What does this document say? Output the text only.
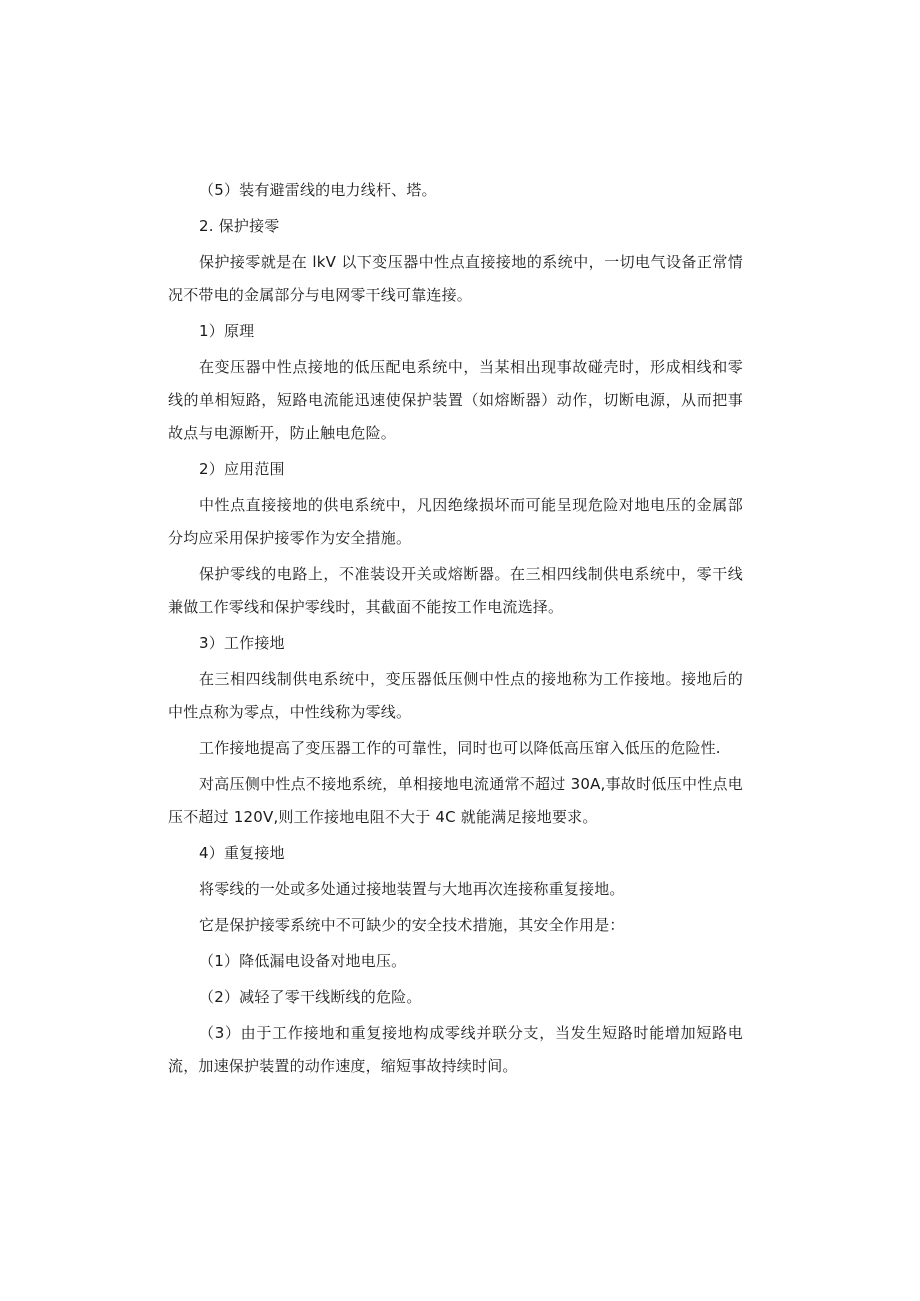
（5）装有避雷线的电力线杆、塔。

2. 保护接零

保护接零就是在 lkV 以下变压器中性点直接接地的系统中，一切电气设备正常情况不带电的金属部分与电网零干线可靠连接。

1）原理

在变压器中性点接地的低压配电系统中，当某相出现事故碰壳时，形成相线和零线的单相短路，短路电流能迅速使保护装置（如熔断器）动作，切断电源，从而把事故点与电源断开，防止触电危险。

2）应用范围

中性点直接接地的供电系统中，凡因绝缘损坏而可能呈现危险对地电压的金属部分均应采用保护接零作为安全措施。

保护零线的电路上，不准装设开关或熔断器。在三相四线制供电系统中，零干线兼做工作零线和保护零线时，其截面不能按工作电流选择。

3）工作接地

在三相四线制供电系统中，变压器低压侧中性点的接地称为工作接地。接地后的中性点称为零点，中性线称为零线。

工作接地提高了变压器工作的可靠性，同时也可以降低高压窜入低压的危险性.

对高压侧中性点不接地系统，单相接地电流通常不超过 30A,事故时低压中性点电压不超过 120V,则工作接地电阻不大于 4C 就能满足接地要求。

4）重复接地

将零线的一处或多处通过接地装置与大地再次连接称重复接地。

它是保护接零系统中不可缺少的安全技术措施，其安全作用是：

（1）降低漏电设备对地电压。

（2）减轻了零干线断线的危险。

（3）由于工作接地和重复接地构成零线并联分支，当发生短路时能增加短路电流，加速保护装置的动作速度，缩短事故持续时间。
